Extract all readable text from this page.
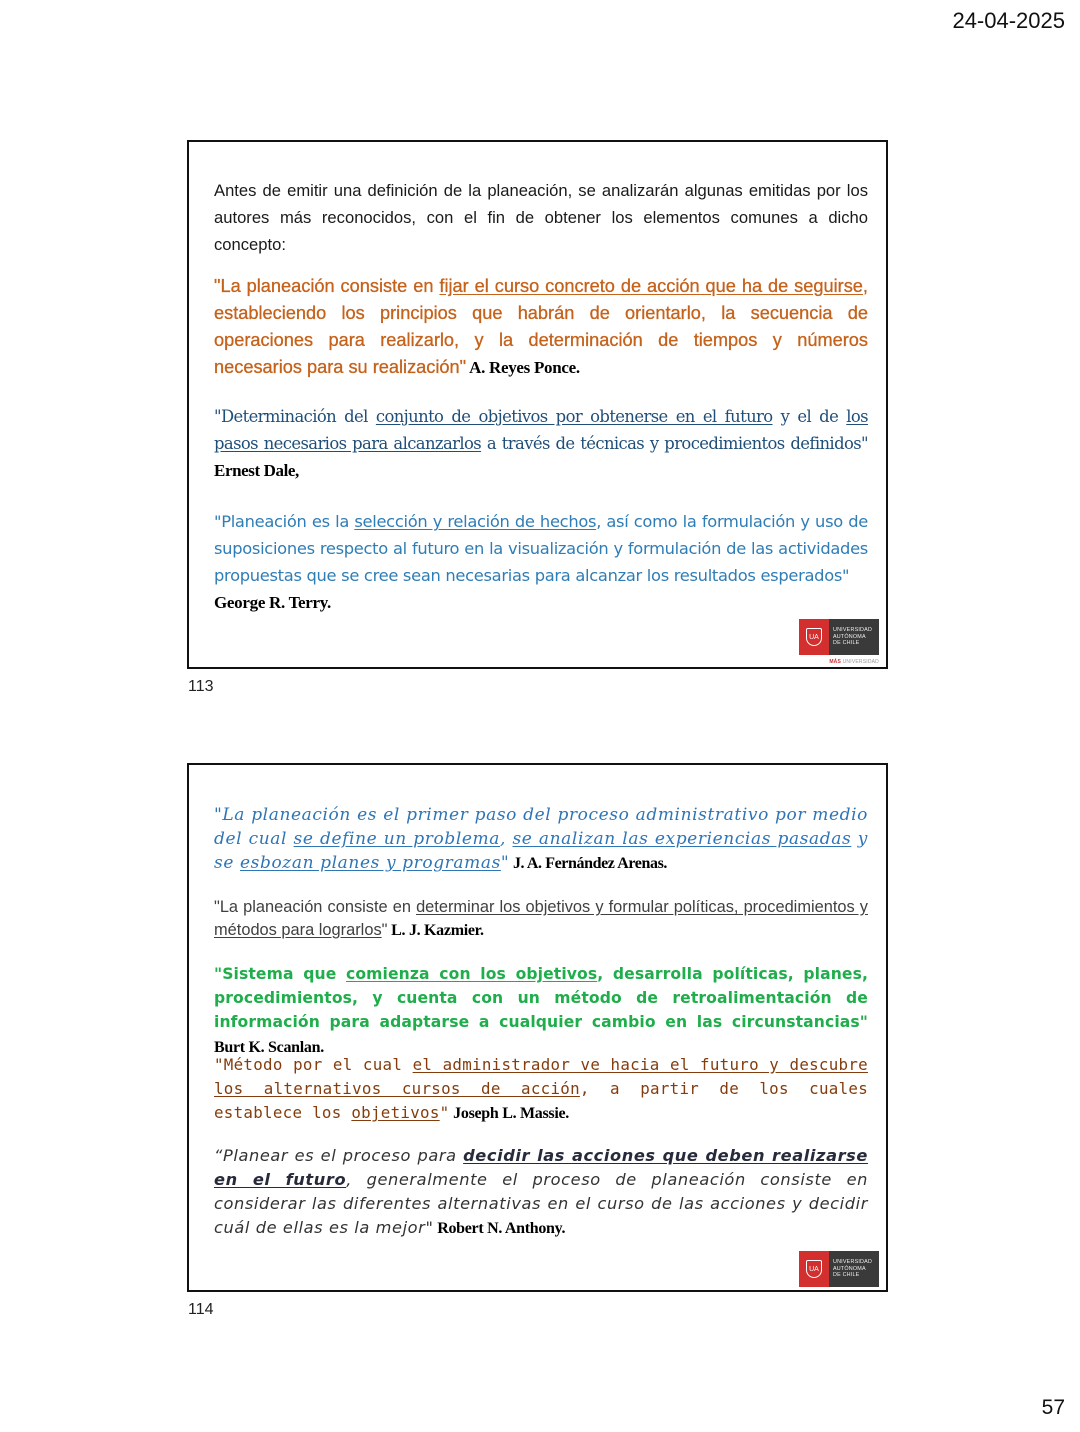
24-04-2025

Antes de emitir una definición de la planeación, se analizarán algunas emitidas por los autores más reconocidos, con el fin de obtener los elementos comunes a dicho concepto:

"La planeación consiste en fijar el curso concreto de acción que ha de seguirse, estableciendo los principios que habrán de orientarlo, la secuencia de operaciones para realizarlo, y la determinación de tiempos y números necesarios para su realización" A. Reyes Ponce.

"Determinación del conjunto de objetivos por obtenerse en el futuro y el de los pasos necesarios para alcanzarlos a través de técnicas y procedimientos definidos" Ernest Dale,

"Planeación es la selección y relación de hechos, así como la formulación y uso de suposiciones respecto al futuro en la visualización y formulación de las actividades propuestas que se cree sean necesarias para alcanzar los resultados esperados"
George R. Terry.

UA
UNIVERSIDAD
AUTÓNOMA
DE CHILE
MÁS UNIVERSIDAD
113

"La planeación es el primer paso del proceso administrativo por medio del cual se define un problema, se analizan las experiencias pasadas y se esbozan planes y programas" J. A. Fernández Arenas.

"La planeación consiste en determinar los objetivos y formular políticas, procedimientos y métodos para lograrlos" L. J. Kazmier.

"Sistema que comienza con los objetivos, desarrolla políticas, planes, procedimientos, y cuenta con un método de retroalimentación de información para adaptarse a cualquier cambio en las circunstancias" Burt K. Scanlan.

"Método por el cual el administrador ve hacia el futuro y descubre los alternativos cursos de acción, a partir de los cuales establece los objetivos" Joseph L. Massie.

“Planear es el proceso para decidir las acciones que deben realizarse en el futuro, generalmente el proceso de planeación consiste en considerar las diferentes alternativas en el curso de las acciones y decidir cuál de ellas es la mejor" Robert N. Anthony.

UA
UNIVERSIDAD
AUTÓNOMA
DE CHILE
114
57
